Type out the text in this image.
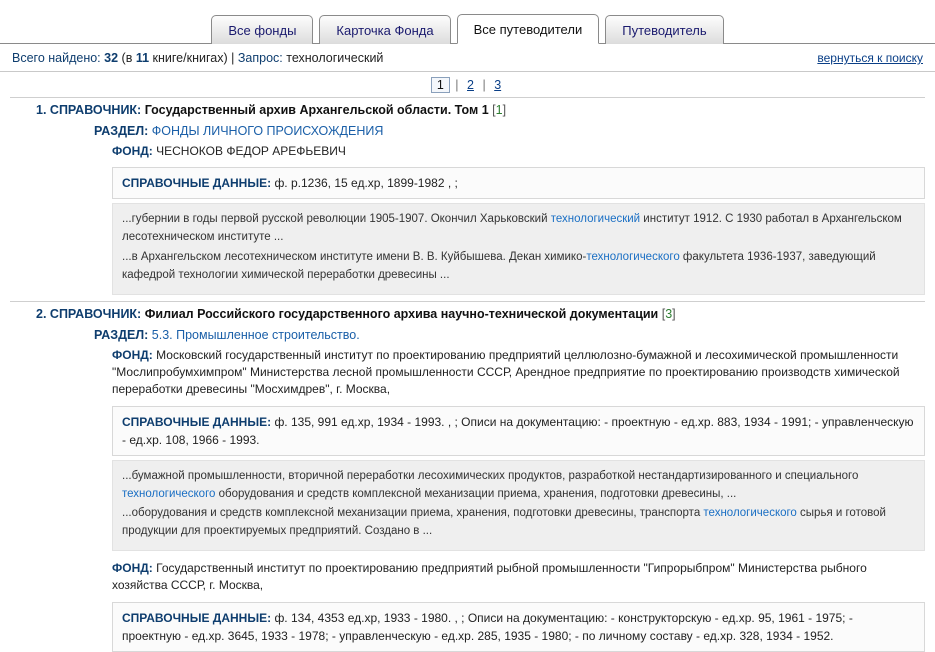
Все фонды	Карточка Фонда	Все путеводители	Путеводитель
Всего найдено: 32 (в 11 книге/книгах) | Запрос: технологический	вернуться к поиску
1 | 2 | 3
1. СПРАВОЧНИК: Государственный архив Архангельской области. Том 1 [1]
РАЗДЕЛ: ФОНДЫ ЛИЧНОГО ПРОИСХОЖДЕНИЯ
ФОНД: ЧЕСНОКОВ ФЕДОР АРЕФЬЕВИЧ
СПРАВОЧНЫЕ ДАННЫЕ: ф. р.1236, 15 ед.хр, 1899-1982 , ;

...губернии в годы первой русской революции 1905-1907. Окончил Харьковский технологический институт 1912. С 1930 работал в Архангельском лесотехническом институте ...

...в Архангельском лесотехническом институте имени В. В. Куйбышева. Декан химико-технологического факультета 1936-1937, заведующий кафедрой технологии химической переработки древесины ...

2. СПРАВОЧНИК: Филиал Российского государственного архива научно-технической документации [3]
РАЗДЕЛ: 5.3. Промышленное строительство.
ФОНД: Московский государственный институт по проектированию предприятий целлюлозно-бумажной и лесохимической промышленности "Мослипробумхимпром" Министерства лесной промышленности СССР, Арендное предприятие по проектированию производств химической переработки древесины "Мосхимдрев", г. Москва,
СПРАВОЧНЫЕ ДАННЫЕ: ф. 135, 991 ед.хр, 1934 - 1993. , ; Описи на документацию: - проектную - ед.хр. 883, 1934 - 1991; - управленческую - ед.хр. 108, 1966 - 1993.

...бумажной промышленности, вторичной переработки лесохимических продуктов, разработкой нестандартизированного и специального технологического оборудования и средств комплексной механизации приема, хранения, подготовки древесины, ...

...оборудования и средств комплексной механизации приема, хранения, подготовки древесины, транспорта технологического сырья и готовой продукции для проектируемых предприятий. Создано в ...

ФОНД: Государственный институт по проектированию предприятий рыбной промышленности "Гипрорыбпром" Министерства рыбного хозяйства СССР, г. Москва,
СПРАВОЧНЫЕ ДАННЫЕ: ф. 134, 4353 ед.хр, 1933 - 1980. , ; Описи на документацию: - конструкторскую - ед.хр. 95, 1961 - 1975; - проектную - ед.хр. 3645, 1933 - 1978; - управленческую - ед.хр. 285, 1935 - 1980; - по личному составу - ед.хр. 328, 1934 - 1952.
